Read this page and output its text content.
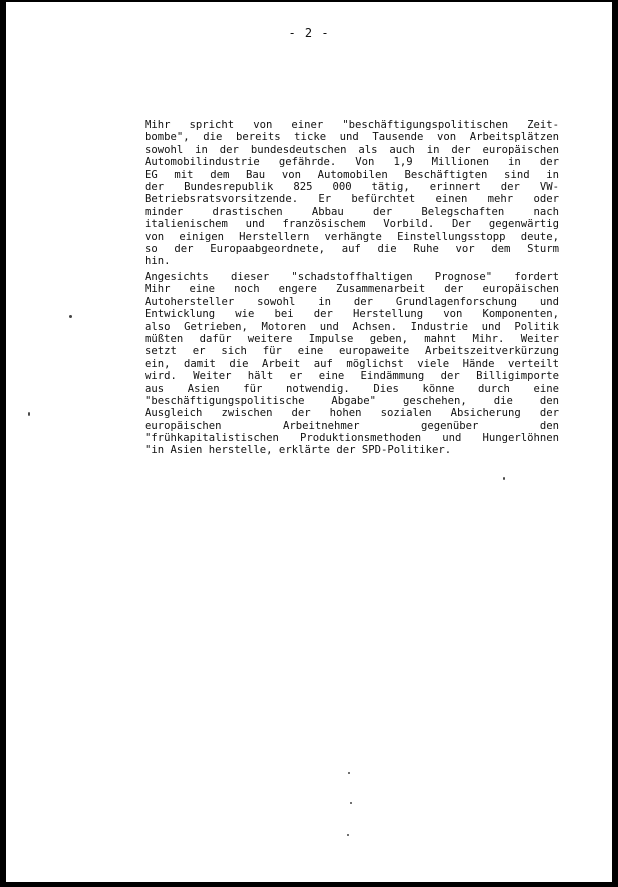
- 2 -

Mihr spricht von einer "beschäftigungspolitischen Zeit-
bombe", die bereits ticke und Tausende von Arbeitsplätzen
sowohl in der bundesdeutschen als auch in der europäischen
Automobilindustrie gefährde. Von 1,9 Millionen in der
EG mit dem Bau von Automobilen Beschäftigten sind in
der Bundesrepublik 825 000 tätig, erinnert der VW-
Betriebsratsvorsitzende. Er befürchtet einen mehr oder
minder drastischen Abbau der Belegschaften nach
italienischem und französischem Vorbild. Der gegenwärtig
von einigen Herstellern verhängte Einstellungsstopp deute,
so der Europaabgeordnete, auf die Ruhe vor dem Sturm
hin.

Angesichts dieser "schadstoffhaltigen Prognose" fordert
Mihr eine noch engere Zusammenarbeit der europäischen
Autohersteller sowohl in der Grundlagenforschung und
Entwicklung wie bei der Herstellung von Komponenten,
also Getrieben, Motoren und Achsen. Industrie und Politik
müßten dafür weitere Impulse geben, mahnt Mihr. Weiter
setzt er sich für eine europaweite Arbeitszeitverkürzung
ein, damit die Arbeit auf möglichst viele Hände verteilt
wird. Weiter hält er eine Eindämmung der Billigimporte
aus Asien für notwendig. Dies könne durch eine
"beschäftigungspolitische Abgabe" geschehen, die den
Ausgleich zwischen der hohen sozialen Absicherung der
europäischen Arbeitnehmer gegenüber den
"frühkapitalistischen Produktionsmethoden und Hungerlöhnen
"in Asien herstelle, erklärte der SPD-Politiker.
